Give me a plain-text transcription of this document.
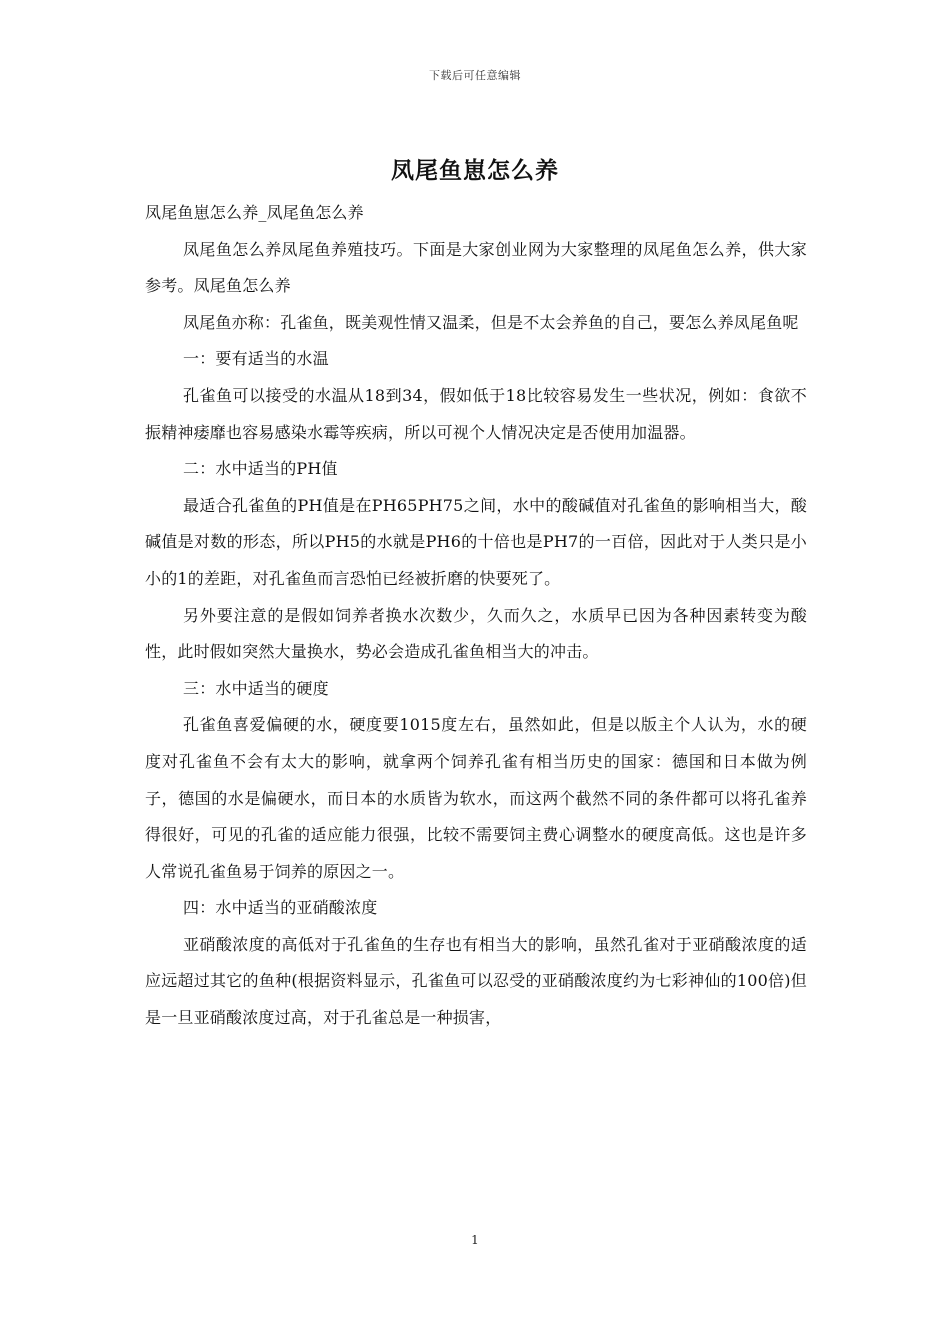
下载后可任意编辑
凤尾鱼崽怎么养

凤尾鱼崽怎么养_凤尾鱼怎么养

凤尾鱼怎么养凤尾鱼养殖技巧。下面是大家创业网为大家整理的凤尾鱼怎么养，供大家参考。凤尾鱼怎么养

凤尾鱼亦称：孔雀鱼，既美观性情又温柔，但是不太会养鱼的自己，要怎么养凤尾鱼呢

一：要有适当的水温

孔雀鱼可以接受的水温从18到34，假如低于18比较容易发生一些状况，例如：食欲不振精神痿靡也容易感染水霉等疾病，所以可视个人情况决定是否使用加温器。

二：水中适当的PH值

最适合孔雀鱼的PH值是在PH65PH75之间，水中的酸碱值对孔雀鱼的影响相当大，酸碱值是对数的形态，所以PH5的水就是PH6的十倍也是PH7的一百倍，因此对于人类只是小小的1的差距，对孔雀鱼而言恐怕已经被折磨的快要死了。

另外要注意的是假如饲养者换水次数少，久而久之，水质早已因为各种因素转变为酸性，此时假如突然大量换水，势必会造成孔雀鱼相当大的冲击。

三：水中适当的硬度

孔雀鱼喜爱偏硬的水，硬度要1015度左右，虽然如此，但是以版主个人认为，水的硬度对孔雀鱼不会有太大的影响，就拿两个饲养孔雀有相当历史的国家：德国和日本做为例子，德国的水是偏硬水，而日本的水质皆为软水，而这两个截然不同的条件都可以将孔雀养得很好，可见的孔雀的适应能力很强，比较不需要饲主费心调整水的硬度高低。这也是许多人常说孔雀鱼易于饲养的原因之一。

四：水中适当的亚硝酸浓度

亚硝酸浓度的高低对于孔雀鱼的生存也有相当大的影响，虽然孔雀对于亚硝酸浓度的适应远超过其它的鱼种(根据资料显示，孔雀鱼可以忍受的亚硝酸浓度约为七彩神仙的100倍)但是一旦亚硝酸浓度过高，对于孔雀总是一种损害，

1
